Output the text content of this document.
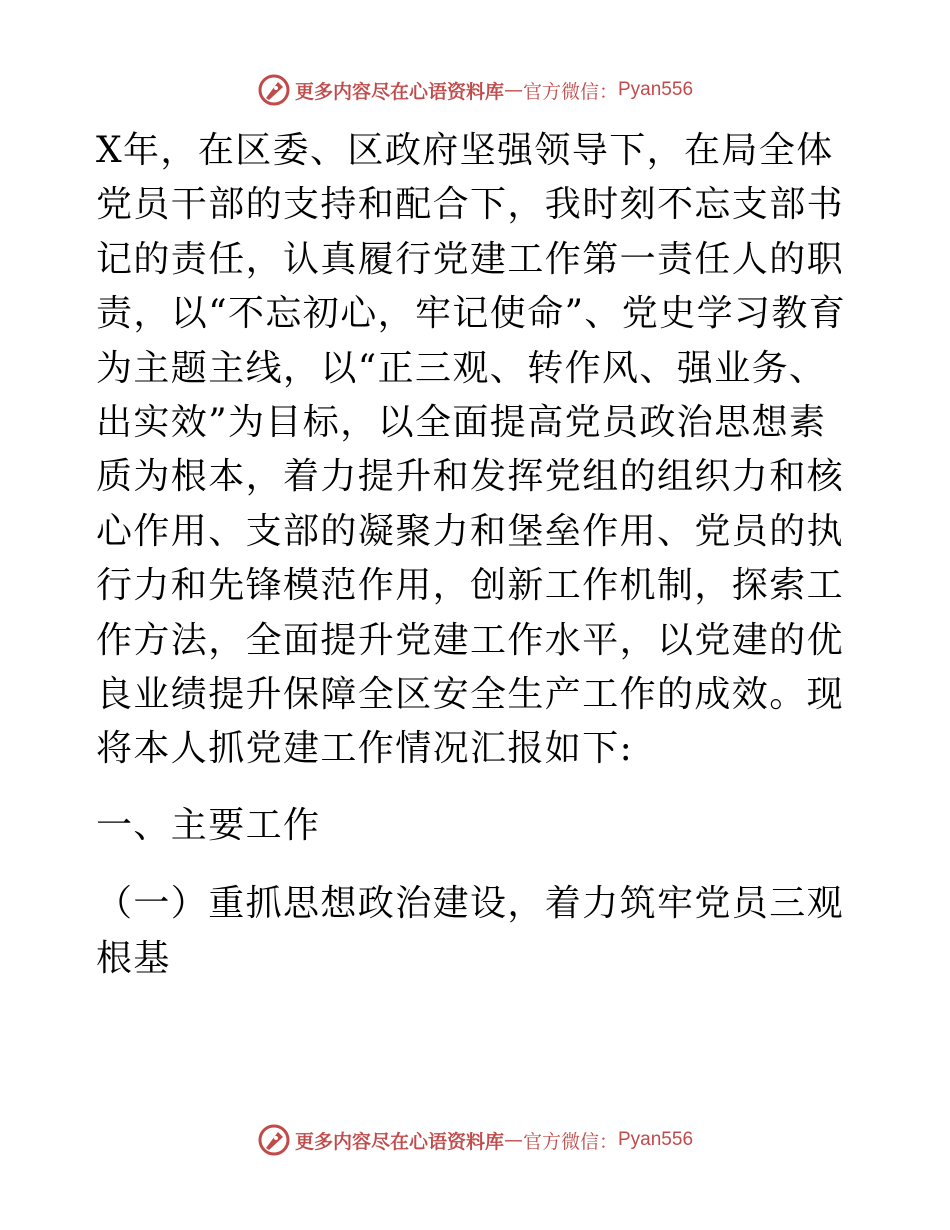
更多内容尽在心语资料库 — 官方微信： Pyan556

X年，在区委、区政府坚强领导下，在局全体党员干部的支持和配合下，我时刻不忘支部书记的责任，认真履行党建工作第一责任人的职责，以“不忘初心，牢记使命”、党史学习教育为主题主线，以“正三观、转作风、强业务、出实效”为目标，以全面提高党员政治思想素质为根本，着力提升和发挥党组的组织力和核心作用、支部的凝聚力和堡垒作用、党员的执行力和先锋模范作用，创新工作机制，探索工作方法，全面提升党建工作水平，以党建的优良业绩提升保障全区安全生产工作的成效。现将本人抓党建工作情况汇报如下:

一、主要工作

（一）重抓思想政治建设，着力筑牢党员三观根基

更多内容尽在心语资料库 — 官方微信： Pyan556
